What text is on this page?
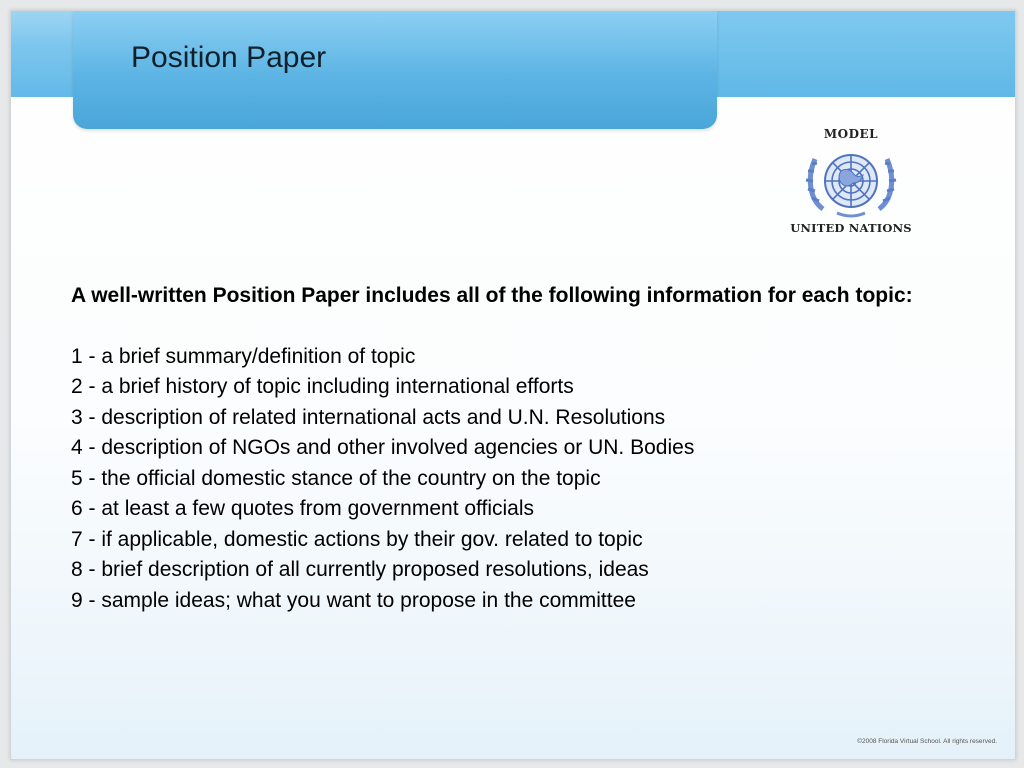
Position Paper
MODEL
UNITED NATIONS

A well-written Position Paper includes all of the following information for each topic:

1 - a brief summary/definition of topic

2 - a brief history of topic including international efforts

3 - description of related international acts and U.N. Resolutions

4 - description of NGOs and other involved agencies or UN. Bodies

5 - the official domestic stance of the country on the topic

6 - at least a few quotes from government officials

7 - if applicable, domestic actions by their gov. related to topic

8 - brief description of all currently proposed resolutions, ideas

9 - sample ideas; what you want to propose in the committee

©2008 Florida Virtual School. All rights reserved.
